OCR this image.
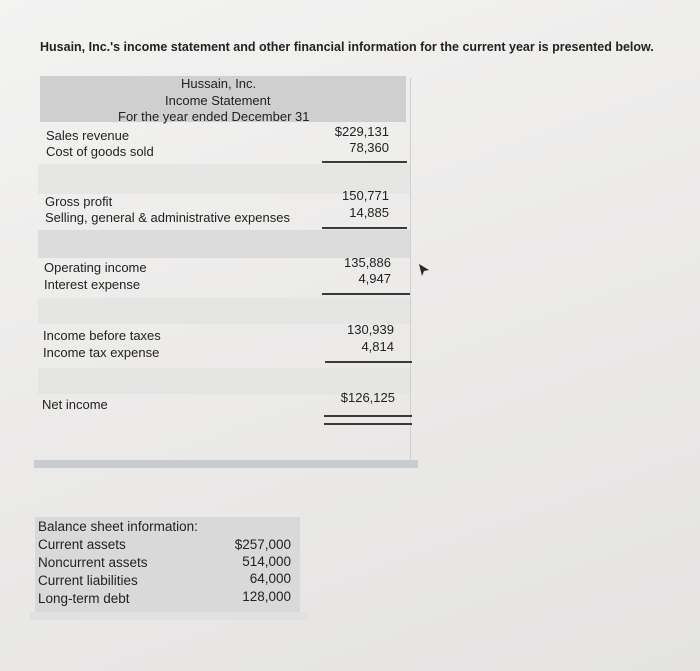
Husain, Inc.'s income statement and other financial information for the current year is presented below.
Hussain, Inc.
Income Statement
For the year ended December 31
Sales revenue	$229,131
Cost of goods sold	78,360
Gross profit	150,771
Selling, general & administrative expenses	14,885
Operating income	135,886
Interest expense	4,947
Income before taxes	130,939
Income tax expense	4,814
Net income	$126,125
Balance sheet information:
Current assets	$257,000
Noncurrent assets	514,000
Current liabilities	64,000
Long-term debt	128,000
